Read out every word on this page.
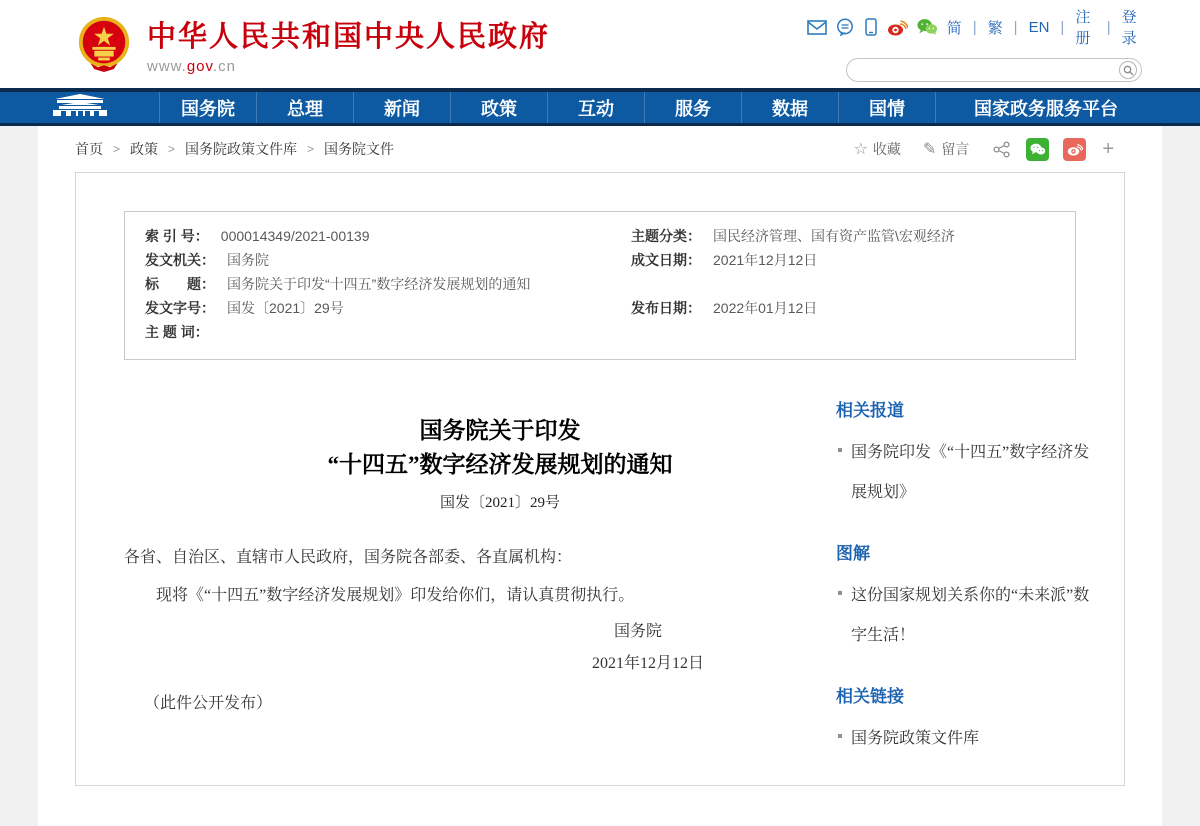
中华人民共和国中央人民政府
www.gov.cn
简 | 繁 | EN |
注册
|
登录
国务院	总理	新闻	政策	互动	服务	数据	国情	国家政务服务平台
首页 > 政策 > 国务院政策文件库 > 国务院文件	☆ 收藏 ✎ 留言	+
索 引 号： 000014349/2021-00139	主题分类： 国民经济管理、国有资产监管\宏观经济
发文机关： 国务院	成文日期： 2021年12月12日
标　　题： 国务院关于印发“十四五”数字经济发展规划的通知
发文字号： 国发〔2021〕29号	发布日期： 2022年01月12日
主 题 词：
国务院关于印发
“十四五”数字经济发展规划的通知
国发〔2021〕29号

各省、自治区、直辖市人民政府，国务院各部委、各直属机构：

现将《“十四五”数字经济发展规划》印发给你们，请认真贯彻执行。

国务院
2021年12月12日
（此件公开发布）
相关报道
国务院印发《“十四五”数字经济发展规划》
图解
这份国家规划关系你的“未来派”数字生活！
相关链接
国务院政策文件库
